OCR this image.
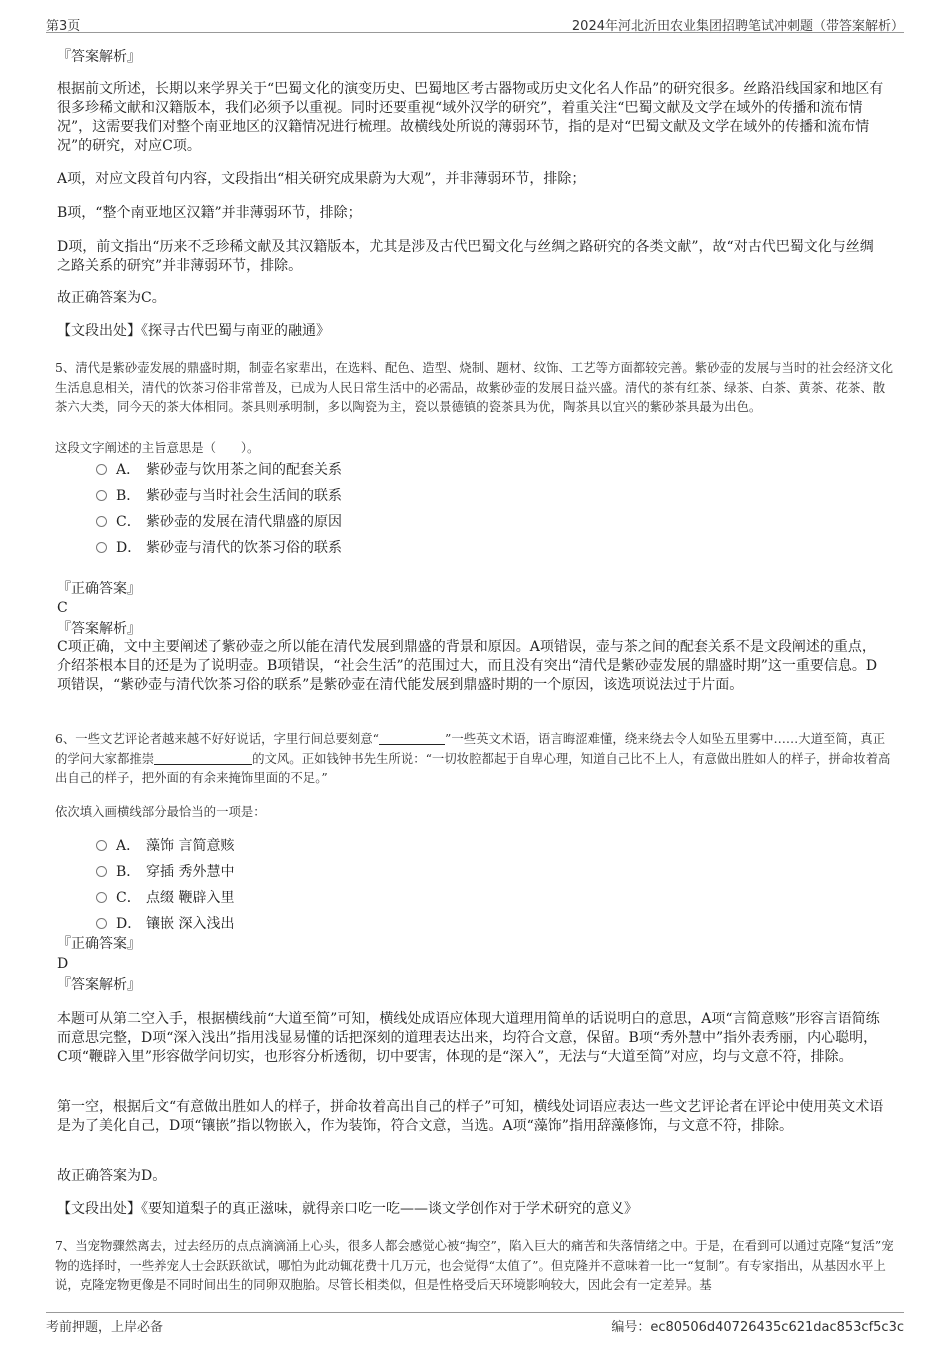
第3页	2024年河北沂田农业集团招聘笔试冲刺题（带答案解析）
『答案解析』
根据前文所述，长期以来学界关于“巴蜀文化的演变历史、巴蜀地区考古器物或历史文化名人作品”的研究很多。丝路沿线国家和地区有很多珍稀文献和汉籍版本，我们必须予以重视。同时还要重视“域外汉学的研究”，着重关注“巴蜀文献及文学在域外的传播和流布情况”，这需要我们对整个南亚地区的汉籍情况进行梳理。故横线处所说的薄弱环节，指的是对“巴蜀文献及文学在域外的传播和流布情况”的研究，对应C项。
A项，对应文段首句内容，文段指出“相关研究成果蔚为大观”，并非薄弱环节，排除；
B项，“整个南亚地区汉籍”并非薄弱环节，排除；
D项，前文指出“历来不乏珍稀文献及其汉籍版本，尤其是涉及古代巴蜀文化与丝绸之路研究的各类文献”，故“对古代巴蜀文化与丝绸之路关系的研究”并非薄弱环节，排除。
故正确答案为C。
【文段出处】《探寻古代巴蜀与南亚的融通》
5、清代是紫砂壶发展的鼎盛时期，制壶名家辈出，在选料、配色、造型、烧制、题材、纹饰、工艺等方面都较完善。紫砂壶的发展与当时的社会经济文化生活息息相关，清代的饮茶习俗非常普及，已成为人民日常生活中的必需品，故紫砂壶的发展日益兴盛。清代的茶有红茶、绿茶、白茶、黄茶、花茶、散茶六大类，同今天的茶大体相同。茶具则承明制，多以陶瓷为主，瓷以景德镇的瓷茶具为优，陶茶具以宜兴的紫砂茶具最为出色。
这段文字阐述的主旨意思是（　　）。
A． 紫砂壶与饮用茶之间的配套关系
B． 紫砂壶与当时社会生活间的联系
C． 紫砂壶的发展在清代鼎盛的原因
D． 紫砂壶与清代的饮茶习俗的联系
『正确答案』
C
『答案解析』
C项正确，文中主要阐述了紫砂壶之所以能在清代发展到鼎盛的背景和原因。A项错误，壶与茶之间的配套关系不是文段阐述的重点，介绍茶根本目的还是为了说明壶。B项错误，“社会生活”的范围过大，而且没有突出“清代是紫砂壶发展的鼎盛时期”这一重要信息。D项错误，“紫砂壶与清代饮茶习俗的联系”是紫砂壶在清代能发展到鼎盛时期的一个原因，该选项说法过于片面。
6、一些文艺评论者越来越不好好说话，字里行间总要刻意“	”一些英文术语，语言晦涩难懂，绕来绕去令人如坠五里雾中……大道至简，真正的学问大家都推崇	的文风。正如钱钟书先生所说：“一切妆腔都起于自卑心理，知道自己比不上人，有意做出胜如人的样子，拼命妆着高出自己的样子，把外面的有余来掩饰里面的不足。”
依次填入画横线部分最恰当的一项是：
A． 藻饰 言简意赅
B． 穿插 秀外慧中
C． 点缀 鞭辟入里
D． 镶嵌 深入浅出
『正确答案』
D
『答案解析』
本题可从第二空入手，根据横线前“大道至简”可知，横线处成语应体现大道理用简单的话说明白的意思，A项“言简意赅”形容言语简练而意思完整，D项“深入浅出”指用浅显易懂的话把深刻的道理表达出来，均符合文意，保留。B项“秀外慧中”指外表秀丽，内心聪明，C项“鞭辟入里”形容做学问切实，也形容分析透彻，切中要害，体现的是“深入”，无法与“大道至简”对应，均与文意不符，排除。
第一空，根据后文“有意做出胜如人的样子，拼命妆着高出自己的样子”可知，横线处词语应表达一些文艺评论者在评论中使用英文术语是为了美化自己，D项“镶嵌”指以物嵌入，作为装饰，符合文意，当选。A项“藻饰”指用辞藻修饰，与文意不符，排除。
故正确答案为D。
【文段出处】《要知道梨子的真正滋味，就得亲口吃一吃——谈文学创作对于学术研究的意义》
7、当宠物骤然离去，过去经历的点点滴滴涌上心头，很多人都会感觉心被“掏空”，陷入巨大的痛苦和失落情绪之中。于是，在看到可以通过克隆“复活”宠物的选择时，一些养宠人士会跃跃欲试，哪怕为此动辄花费十几万元，也会觉得“太值了”。但克隆并不意味着一比一“复制”。有专家指出，从基因水平上说，克隆宠物更像是不同时间出生的同卵双胞胎。尽管长相类似，但是性格受后天环境影响较大，因此会有一定差异。基
考前押题，上岸必备	编号：ec80506d40726435c621dac853cf5c3c
